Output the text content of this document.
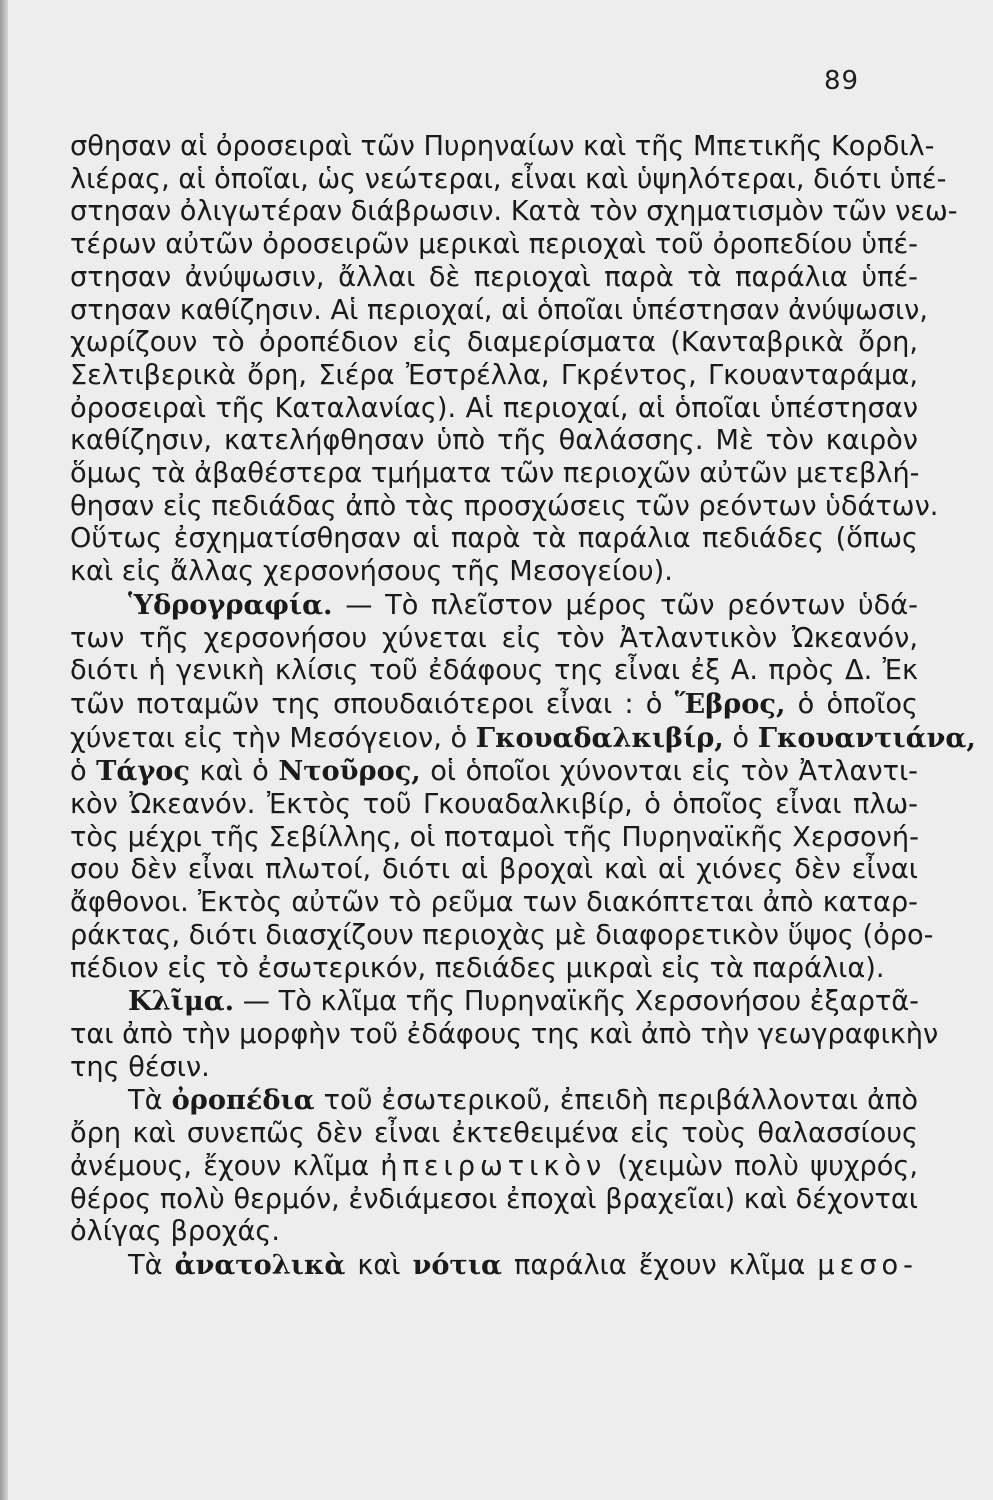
89
σθησαν αἱ ὀροσειραὶ τῶν Πυρηναίων καὶ τῆς Μπετικῆς Κορδιλ-
λιέρας, αἱ ὁποῖαι, ὡς νεώτεραι, εἶναι καὶ ὑψηλότεραι, διότι ὑπέ-
στησαν ὀλιγωτέραν διάβρωσιν. Κατὰ τὸν σχηματισμὸν τῶν νεω-
τέρων αὐτῶν ὀροσειρῶν μερικαὶ περιοχαὶ τοῦ ὀροπεδίου ὑπέ-
στησαν ἀνύψωσιν, ἄλλαι δὲ περιοχαὶ παρὰ τὰ παράλια ὑπέ-
στησαν καθίζησιν. Αἱ περιοχαί, αἱ ὁποῖαι ὑπέστησαν ἀνύψωσιν,
χωρίζουν τὸ ὀροπέδιον εἰς διαμερίσματα (Κανταβρικὰ ὄρη,
Σελτιβερικὰ ὄρη, Σιέρα Ἐστρέλλα, Γκρέντος, Γκουανταράμα,
ὀροσειραὶ τῆς Καταλανίας). Αἱ περιοχαί, αἱ ὁποῖαι ὑπέστησαν
καθίζησιν, κατελήφθησαν ὑπὸ τῆς θαλάσσης. Μὲ τὸν καιρὸν
ὅμως τὰ ἀβαθέστερα τμήματα τῶν περιοχῶν αὐτῶν μετεβλή-
θησαν εἰς πεδιάδας ἀπὸ τὰς προσχώσεις τῶν ρεόντων ὑδάτων.
Οὕτως ἐσχηματίσθησαν αἱ παρὰ τὰ παράλια πεδιάδες (ὅπως
καὶ εἰς ἄλλας χερσονήσους τῆς Μεσογείου).
Ὑδρογραφία. — Τὸ πλεῖστον μέρος τῶν ρεόντων ὑδά-
των τῆς χερσονήσου χύνεται εἰς τὸν Ἀτλαντικὸν Ὠκεανόν,
διότι ἡ γενικὴ κλίσις τοῦ ἐδάφους της εἶναι ἐξ Α. πρὸς Δ. Ἐκ
τῶν ποταμῶν της σπουδαιότεροι εἶναι : ὁ Ἕβρος, ὁ ὁποῖος
χύνεται εἰς τὴν Μεσόγειον, ὁ Γκουαδαλκιβίρ, ὁ Γκουαντιάνα,
ὁ Τάγος καὶ ὁ Ντοῦρος, οἱ ὁποῖοι χύνονται εἰς τὸν Ἀτλαντι-
κὸν Ὠκεανόν. Ἐκτὸς τοῦ Γκουαδαλκιβίρ, ὁ ὁποῖος εἶναι πλω-
τὸς μέχρι τῆς Σεβίλλης, οἱ ποταμοὶ τῆς Πυρηναϊκῆς Χερσονή-
σου δὲν εἶναι πλωτοί, διότι αἱ βροχαὶ καὶ αἱ χιόνες δὲν εἶναι
ἄφθονοι. Ἐκτὸς αὐτῶν τὸ ρεῦμα των διακόπτεται ἀπὸ καταρ-
ράκτας, διότι διασχίζουν περιοχὰς μὲ διαφορετικὸν ὕψος (ὀρο-
πέδιον εἰς τὸ ἐσωτερικόν, πεδιάδες μικραὶ εἰς τὰ παράλια).
Κλῖμα. — Τὸ κλῖμα τῆς Πυρηναϊκῆς Χερσονήσου ἐξαρτᾶ-
ται ἀπὸ τὴν μορφὴν τοῦ ἐδάφους της καὶ ἀπὸ τὴν γεωγραφικὴν
της θέσιν.
Τὰ ὀροπέδια τοῦ ἐσωτερικοῦ, ἐπειδὴ περιβάλλονται ἀπὸ
ὄρη καὶ συνεπῶς δὲν εἶναι ἐκτεθειμένα εἰς τοὺς θαλασσίους
ἀνέμους, ἔχουν κλῖμα ἠπειρωτικὸν (χειμὼν πολὺ ψυχρός,
θέρος πολὺ θερμόν, ἐνδιάμεσοι ἐποχαὶ βραχεῖαι) καὶ δέχονται
ὀλίγας βροχάς.
Τὰ ἀνατολικὰ καὶ νότια παράλια ἔχουν κλῖμα μεσο-
